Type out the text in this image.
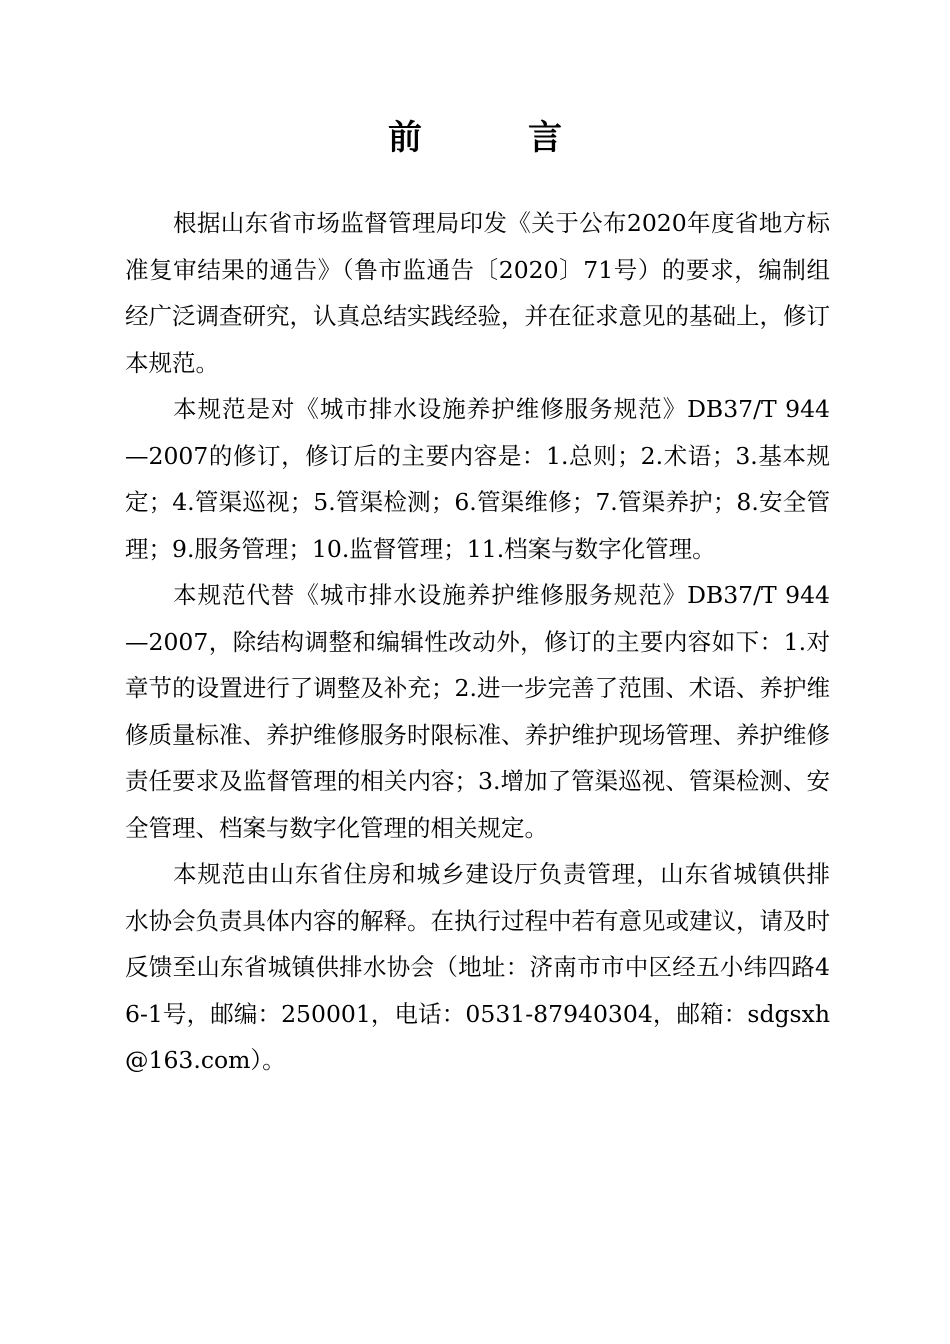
前　言

根据山东省市场监督管理局印发《关于公布2020年度省地方标准复审结果的通告》（鲁市监通告〔2020〕71号）的要求，编制组经广泛调查研究，认真总结实践经验，并在征求意见的基础上，修订本规范。

本规范是对《城市排水设施养护维修服务规范》DB37/T 944—2007的修订，修订后的主要内容是：1.总则；2.术语；3.基本规定；4.管渠巡视；5.管渠检测；6.管渠维修；7.管渠养护；8.安全管理；9.服务管理；10.监督管理；11.档案与数字化管理。

本规范代替《城市排水设施养护维修服务规范》DB37/T 944—2007，除结构调整和编辑性改动外，修订的主要内容如下：1.对章节的设置进行了调整及补充；2.进一步完善了范围、术语、养护维修质量标准、养护维修服务时限标准、养护维护现场管理、养护维修责任要求及监督管理的相关内容；3.增加了管渠巡视、管渠检测、安全管理、档案与数字化管理的相关规定。

本规范由山东省住房和城乡建设厅负责管理，山东省城镇供排水协会负责具体内容的解释。在执行过程中若有意见或建议，请及时反馈至山东省城镇供排水协会（地址：济南市市中区经五小纬四路46-1号，邮编：250001，电话：0531-87940304，邮箱：sdgsxh@163.com）。
